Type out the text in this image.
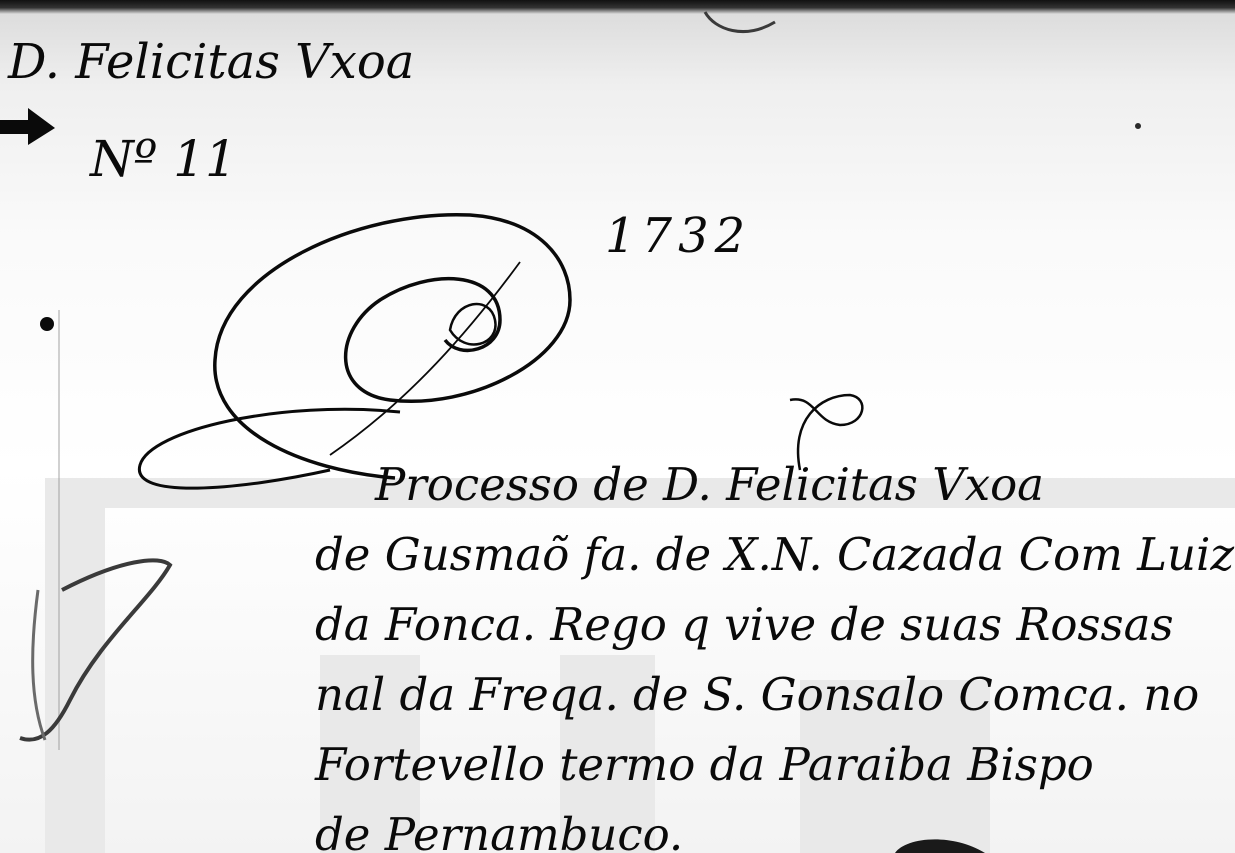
D. Felicitas Vxoa
Nº 11
1732
Processo de D. Felicitas Vxoa
de Gusmaõ fa. de X.N. Cazada Com Luiz
da Fonca. Rego q vive de suas Rossas
nal da Freqa. de S. Gonsalo Comca. no
Fortevello termo da Paraiba Bispo
de Pernambuco.
